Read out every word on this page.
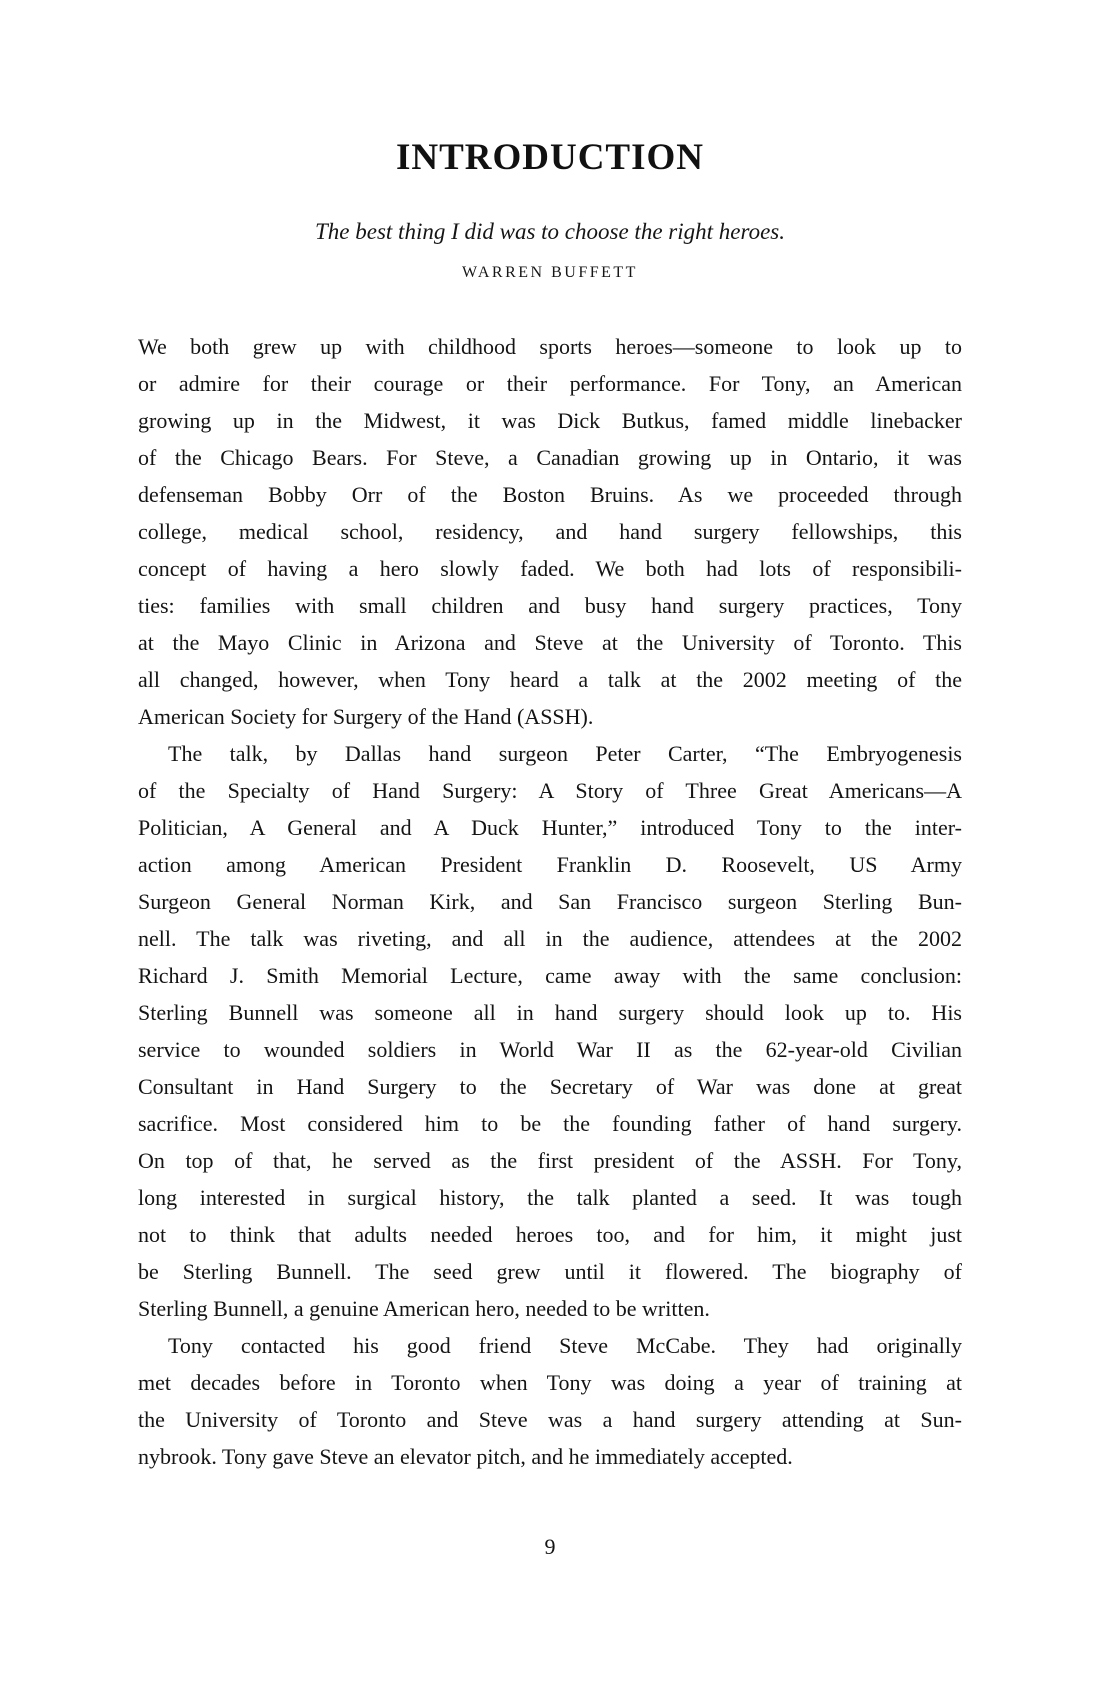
INTRODUCTION

The best thing I did was to choose the right heroes.

WARREN BUFFETT

We both grew up with childhood sports heroes—someone to look up to
or admire for their courage or their performance. For Tony, an American
growing up in the Midwest, it was Dick Butkus, famed middle linebacker
of the Chicago Bears. For Steve, a Canadian growing up in Ontario, it was
defenseman Bobby Orr of the Boston Bruins. As we proceeded through
college, medical school, residency, and hand surgery fellowships, this
concept of having a hero slowly faded. We both had lots of responsibili-
ties: families with small children and busy hand surgery practices, Tony
at the Mayo Clinic in Arizona and Steve at the University of Toronto. This
all changed, however, when Tony heard a talk at the 2002 meeting of the
American Society for Surgery of the Hand (ASSH).
The talk, by Dallas hand surgeon Peter Carter, “The Embryogenesis
of the Specialty of Hand Surgery: A Story of Three Great Americans—A
Politician, A General and A Duck Hunter,” introduced Tony to the inter-
action among American President Franklin D. Roosevelt, US Army
Surgeon General Norman Kirk, and San Francisco surgeon Sterling Bun-
nell. The talk was riveting, and all in the audience, attendees at the 2002
Richard J. Smith Memorial Lecture, came away with the same conclusion:
Sterling Bunnell was someone all in hand surgery should look up to. His
service to wounded soldiers in World War II as the 62-year-old Civilian
Consultant in Hand Surgery to the Secretary of War was done at great
sacrifice. Most considered him to be the founding father of hand surgery.
On top of that, he served as the first president of the ASSH. For Tony,
long interested in surgical history, the talk planted a seed. It was tough
not to think that adults needed heroes too, and for him, it might just
be Sterling Bunnell. The seed grew until it flowered. The biography of
Sterling Bunnell, a genuine American hero, needed to be written.
Tony contacted his good friend Steve McCabe. They had originally
met decades before in Toronto when Tony was doing a year of training at
the University of Toronto and Steve was a hand surgery attending at Sun-
nybrook. Tony gave Steve an elevator pitch, and he immediately accepted.
9
